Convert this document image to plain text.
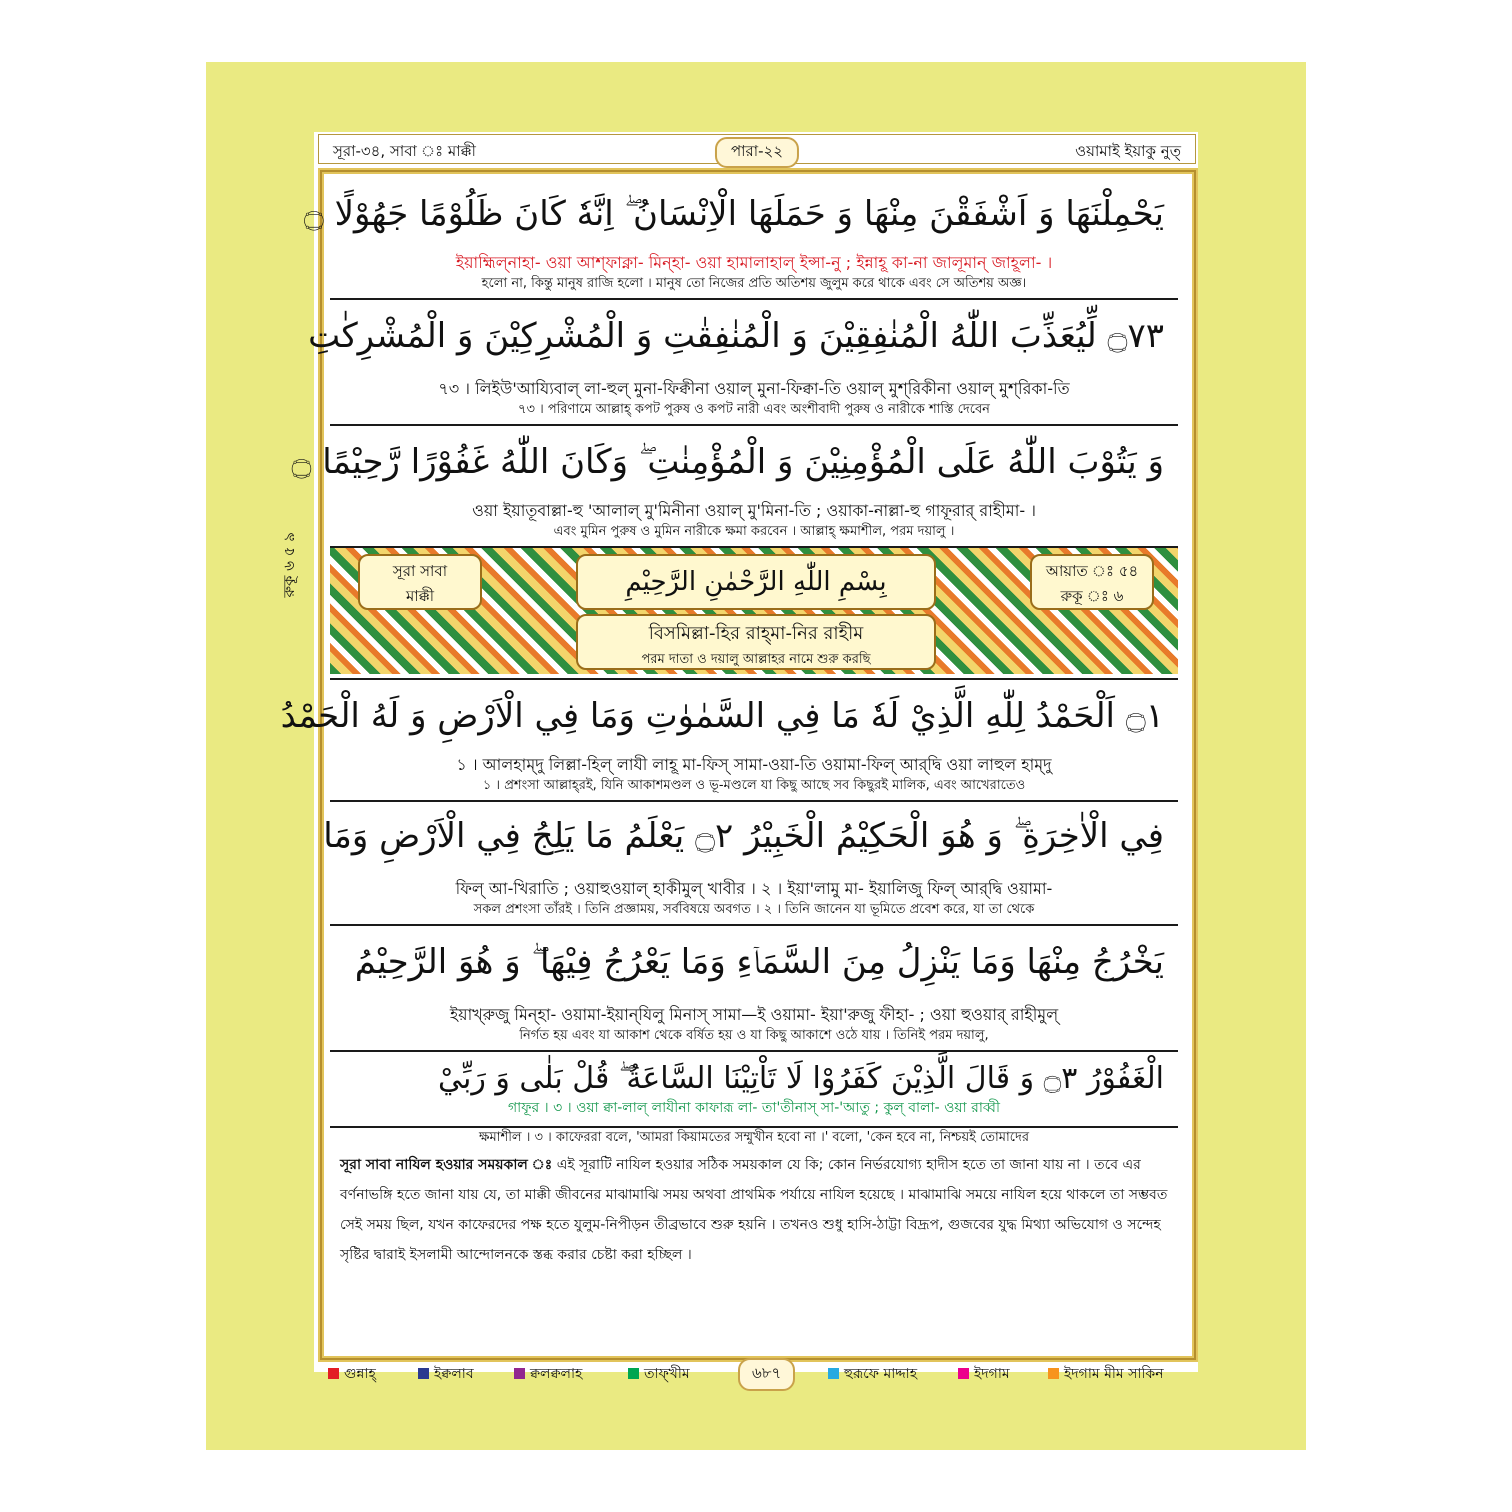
রুকূ ৬ ৫ ৯
সূরা-৩৪, সাবা ঃ মাক্কী	পারা-২২	ওয়ামাই ইয়াকু নুত্
يَحْمِلْنَهَا وَ اَشْفَقْنَ مِنْهَا وَ حَمَلَهَا الْاِنْسَانُ ۖ اِنَّهٗ كَانَ ظَلُوْمًا جَهُوْلًا ۝
ইয়াহ্মিল্নাহা- ওয়া আশ্ফাক্না- মিন্হা- ওয়া হামালাহাল্ ইন্সা-নু ; ইন্নাহূ কা-না জালূমান্ জাহূলা- ।
হলো না, কিন্তু মানুষ রাজি হলো । মানুষ তো নিজের প্রতি অতিশয় জুলুম করে থাকে এবং সে অতিশয় অজ্ঞ।
۝٧٣ لِّيُعَذِّبَ اللّٰهُ الْمُنٰفِقِيْنَ وَ الْمُنٰفِقٰتِ وَ الْمُشْرِكِيْنَ وَ الْمُشْرِكٰتِ
৭৩ । লিইউ'আয্যিবাল্ লা-হুল্ মুনা-ফিক্বীনা ওয়াল্ মুনা-ফিক্বা-তি ওয়াল্ মুশ্‌রিকীনা ওয়াল্ মুশ্‌রিকা-তি
৭৩ । পরিণামে আল্লাহ্‌ কপট পুরুষ ও কপট নারী এবং অংশীবাদী পুরুষ ও নারীকে শাস্তি দেবেন
وَ يَتُوْبَ اللّٰهُ عَلَى الْمُؤْمِنِيْنَ وَ الْمُؤْمِنٰتِ ۖ وَكَانَ اللّٰهُ غَفُوْرًا رَّحِيْمًا ۝
ওয়া ইয়াতূবাল্লা-হু 'আলাল্ মু'মিনীনা ওয়াল্ মু'মিনা-তি ; ওয়াকা-নাল্লা-হু গাফূরার্ রাহীমা- ।
এবং মুমিন পুরুষ ও মুমিন নারীকে ক্ষমা করবেন । আল্লাহ্‌ ক্ষমাশীল, পরম দয়ালু ।
সূরা সাবা
মাক্কী	بِسْمِ اللّٰهِ الرَّحْمٰنِ الرَّحِيْمِ	আয়াত ঃ ৫৪
রুকূ ঃ ৬
বিসমিল্লা-হির রাহ্‌মা-নির রাহীম
পরম দাতা ও দয়ালু আল্লাহর নামে শুরু করছি
۝١ اَلْحَمْدُ لِلّٰهِ الَّذِيْ لَهٗ مَا فِي السَّمٰوٰتِ وَمَا فِي الْاَرْضِ وَ لَهُ الْحَمْدُ
১ । আলহাম্‌দু লিল্লা-হিল্ লাযী লাহূ মা-ফিস্ সামা-ওয়া-তি ওয়ামা-ফিল্ আর্‌দ্বি ওয়া লাহুল হাম্‌দু
১ । প্রশংসা আল্লাহ্‌রই, যিনি আকাশমণ্ডল ও ভূ-মণ্ডলে যা কিছু আছে সব কিছুরই মালিক, এবং আখেরাতেও
فِي الْاٰخِرَةِ ۖ وَ هُوَ الْحَكِيْمُ الْخَبِيْرُ ۝٢ يَعْلَمُ مَا يَلِجُ فِي الْاَرْضِ وَمَا
ফিল্ আ-খিরাতি ; ওয়াহুওয়াল্ হাকীমুল্ খাবীর । ২ । ইয়া'লামু মা- ইয়ালিজু ফিল্ আর্‌দ্বি ওয়ামা-
সকল প্রশংসা তাঁরই । তিনি প্রজ্ঞাময়, সর্ববিষয়ে অবগত । ২ । তিনি জানেন যা ভূমিতে প্রবেশ করে, যা তা থেকে
يَخْرُجُ مِنْهَا وَمَا يَنْزِلُ مِنَ السَّمَاۤءِ وَمَا يَعْرُجُ فِيْهَا ۖ وَ هُوَ الرَّحِيْمُ
ইয়াখ্‌রুজু মিন্‌হা- ওয়ামা-ইয়ান্‌যিলু মিনাস্ সামা—ই ওয়ামা- ইয়া'রুজু ফীহা- ; ওয়া হুওয়ার্ রাহীমুল্
নির্গত হয় এবং যা আকাশ থেকে বর্ষিত হয় ও যা কিছু আকাশে ওঠে যায় । তিনিই পরম দয়ালু,
الْغَفُوْرُ ۝٣ وَ قَالَ الَّذِيْنَ كَفَرُوْا لَا تَاْتِيْنَا السَّاعَةُ ۖ قُلْ بَلٰى وَ رَبِّيْ
গাফূর । ৩ । ওয়া ক্বা-লাল্ লাযীনা কাফারূ লা- তা'তীনাস্ সা-'আতু ; কুল্ বালা- ওয়া রাব্বী
ক্ষমাশীল । ৩ । কাফেররা বলে, 'আমরা কিয়ামতের সম্মুখীন হবো না ।' বলো, 'কেন হবে না, নিশ্চয়ই তোমাদের
সূরা সাবা নাযিল হওয়ার সময়কাল ঃ এই সূরাটি নাযিল হওয়ার সঠিক সময়কাল যে কি; কোন নির্ভরযোগ্য হাদীস হতে তা জানা যায় না । তবে এর বর্ণনাভঙ্গি হতে জানা যায় যে, তা মাক্কী জীবনের মাঝামাঝি সময় অথবা প্রাথমিক পর্যায়ে নাযিল হয়েছে । মাঝামাঝি সময়ে নাযিল হয়ে থাকলে তা সম্ভবত সেই সময় ছিল, যখন কাফেরদের পক্ষ হতে যুলুম-নিপীড়ন তীব্রভাবে শুরু হয়নি । তখনও শুধু হাসি-ঠাট্টা বিদ্রূপ, গুজবের যুদ্ধ মিথ্যা অভিযোগ ও সন্দেহ সৃষ্টির দ্বারাই ইসলামী আন্দোলনকে স্তব্ধ করার চেষ্টা করা হচ্ছিল ।
গুন্নাহ্	ইক্বলাব	ক্বলক্বলাহ	তাফ্‌খীম	৬৮৭	হুরূফে মাদ্দাহ	ইদগাম	ইদগাম মীম সাকিন
